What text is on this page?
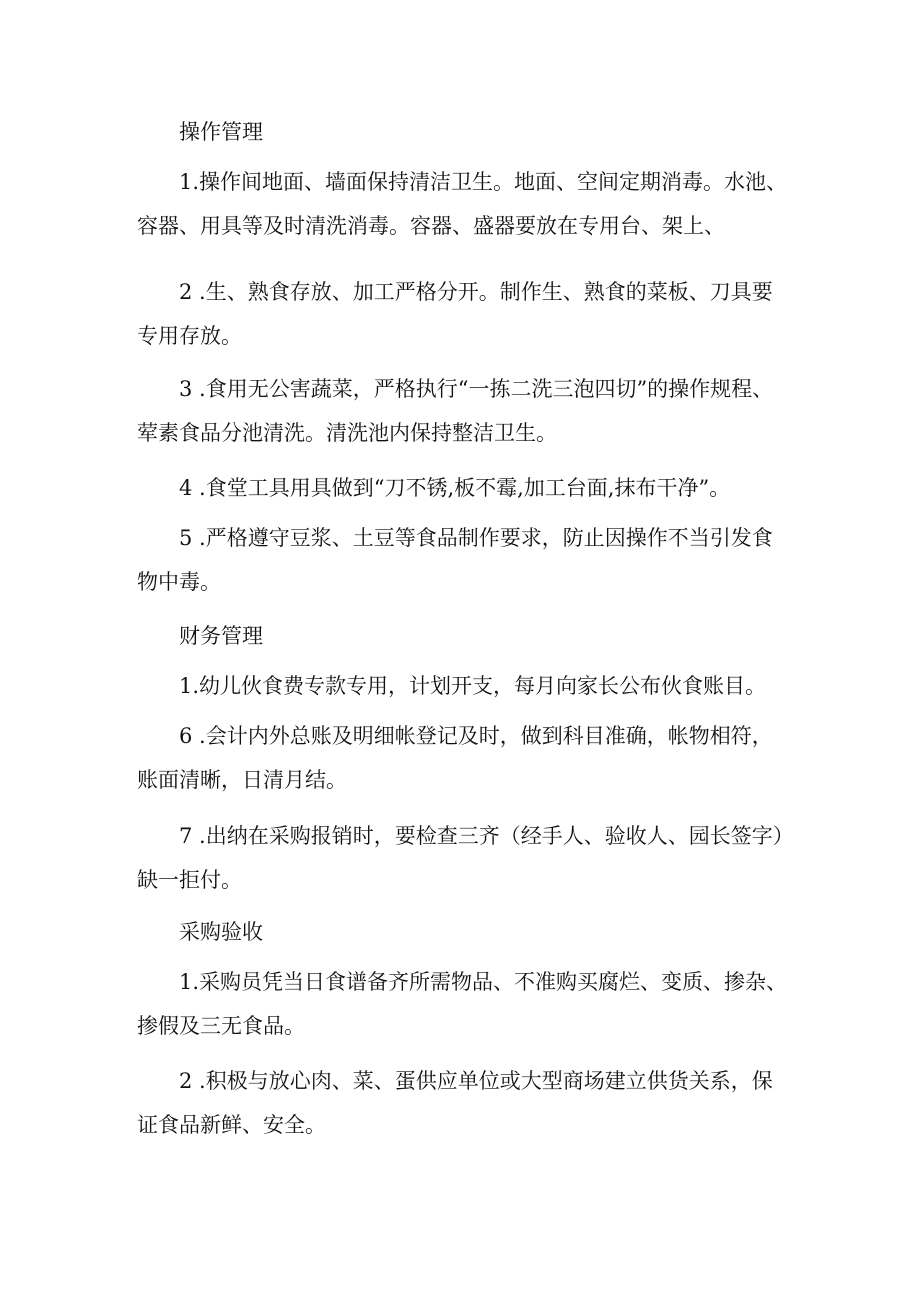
操作管理

1.操作间地面、墙面保持清洁卫生。地面、空间定期消毒。水池、
容器、用具等及时清洗消毒。容器、盛器要放在专用台、架上、

2 .生、熟食存放、加工严格分开。制作生、熟食的菜板、刀具要
专用存放。

3 .食用无公害蔬菜，严格执行“一拣二洗三泡四切”的操作规程、
荤素食品分池清洗。清洗池内保持整洁卫生。

4 .食堂工具用具做到“刀不锈,板不霉,加工台面,抹布干净”。

5 .严格遵守豆浆、土豆等食品制作要求，防止因操作不当引发食
物中毒。

财务管理

1.幼儿伙食费专款专用，计划开支，每月向家长公布伙食账目。

6 .会计内外总账及明细帐登记及时，做到科目准确，帐物相符，
账面清晰，日清月结。

7 .出纳在采购报销时，要检查三齐（经手人、验收人、园长签字）
缺一拒付。

采购验收

1.采购员凭当日食谱备齐所需物品、不准购买腐烂、变质、掺杂、
掺假及三无食品。

2 .积极与放心肉、菜、蛋供应单位或大型商场建立供货关系，保
证食品新鲜、安全。
